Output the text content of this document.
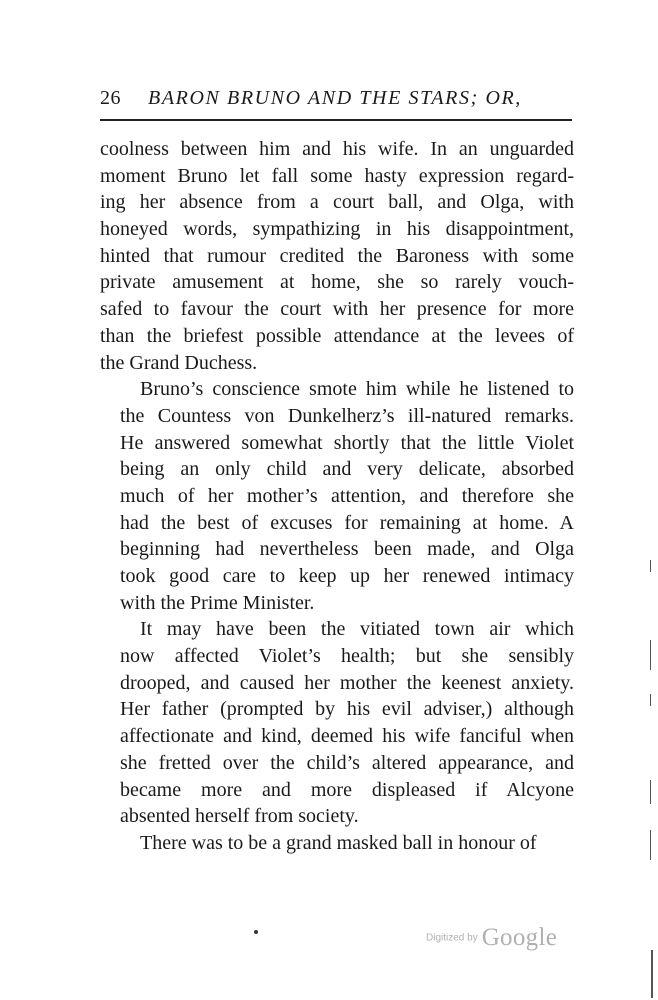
26 BARON BRUNO AND THE STARS; OR,
coolness between him and his wife. In an unguarded
moment Bruno let fall some hasty expression regard-
ing her absence from a court ball, and Olga, with
honeyed words, sympathizing in his disappointment,
hinted that rumour credited the Baroness with some
private amusement at home, she so rarely vouch-
safed to favour the court with her presence for more
than the briefest possible attendance at the levees of
the Grand Duchess.
Bruno’s conscience smote him while he listened to
the Countess von Dunkelherz’s ill-natured remarks.
He answered somewhat shortly that the little Violet
being an only child and very delicate, absorbed
much of her mother’s attention, and therefore she
had the best of excuses for remaining at home. A
beginning had nevertheless been made, and Olga
took good care to keep up her renewed intimacy
with the Prime Minister.
It may have been the vitiated town air which
now affected Violet’s health; but she sensibly
drooped, and caused her mother the keenest anxiety.
Her father (prompted by his evil adviser,) although
affectionate and kind, deemed his wife fanciful when
she fretted over the child’s altered appearance, and
became more and more displeased if Alcyone
absented herself from society.
There was to be a grand masked ball in honour of
Digitized by Google
